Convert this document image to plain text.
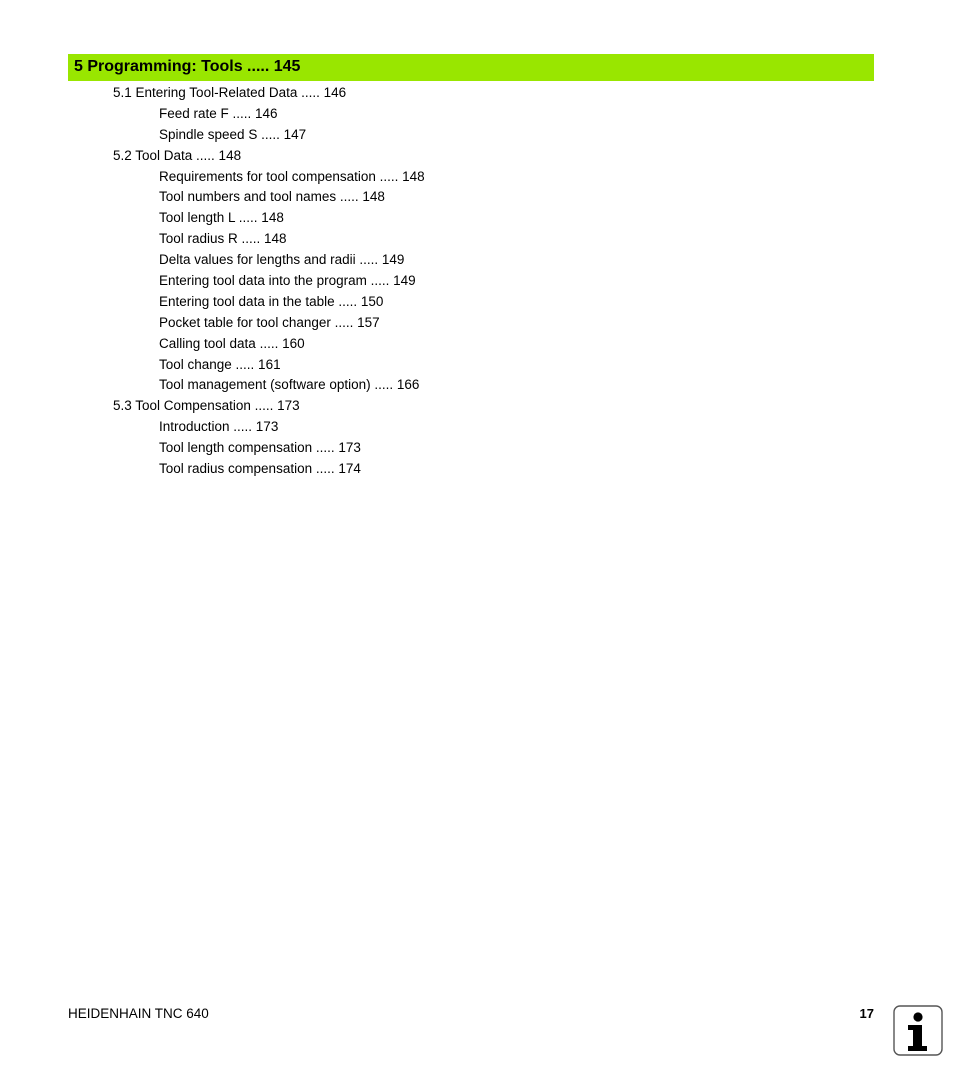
5 Programming: Tools ..... 145
5.1 Entering Tool-Related Data ..... 146
Feed rate F ..... 146
Spindle speed S ..... 147
5.2 Tool Data ..... 148
Requirements for tool compensation ..... 148
Tool numbers and tool names ..... 148
Tool length L ..... 148
Tool radius R ..... 148
Delta values for lengths and radii ..... 149
Entering tool data into the program ..... 149
Entering tool data in the table ..... 150
Pocket table for tool changer ..... 157
Calling tool data ..... 160
Tool change ..... 161
Tool management (software option) ..... 166
5.3 Tool Compensation ..... 173
Introduction ..... 173
Tool length compensation ..... 173
Tool radius compensation ..... 174
HEIDENHAIN TNC 640	17
